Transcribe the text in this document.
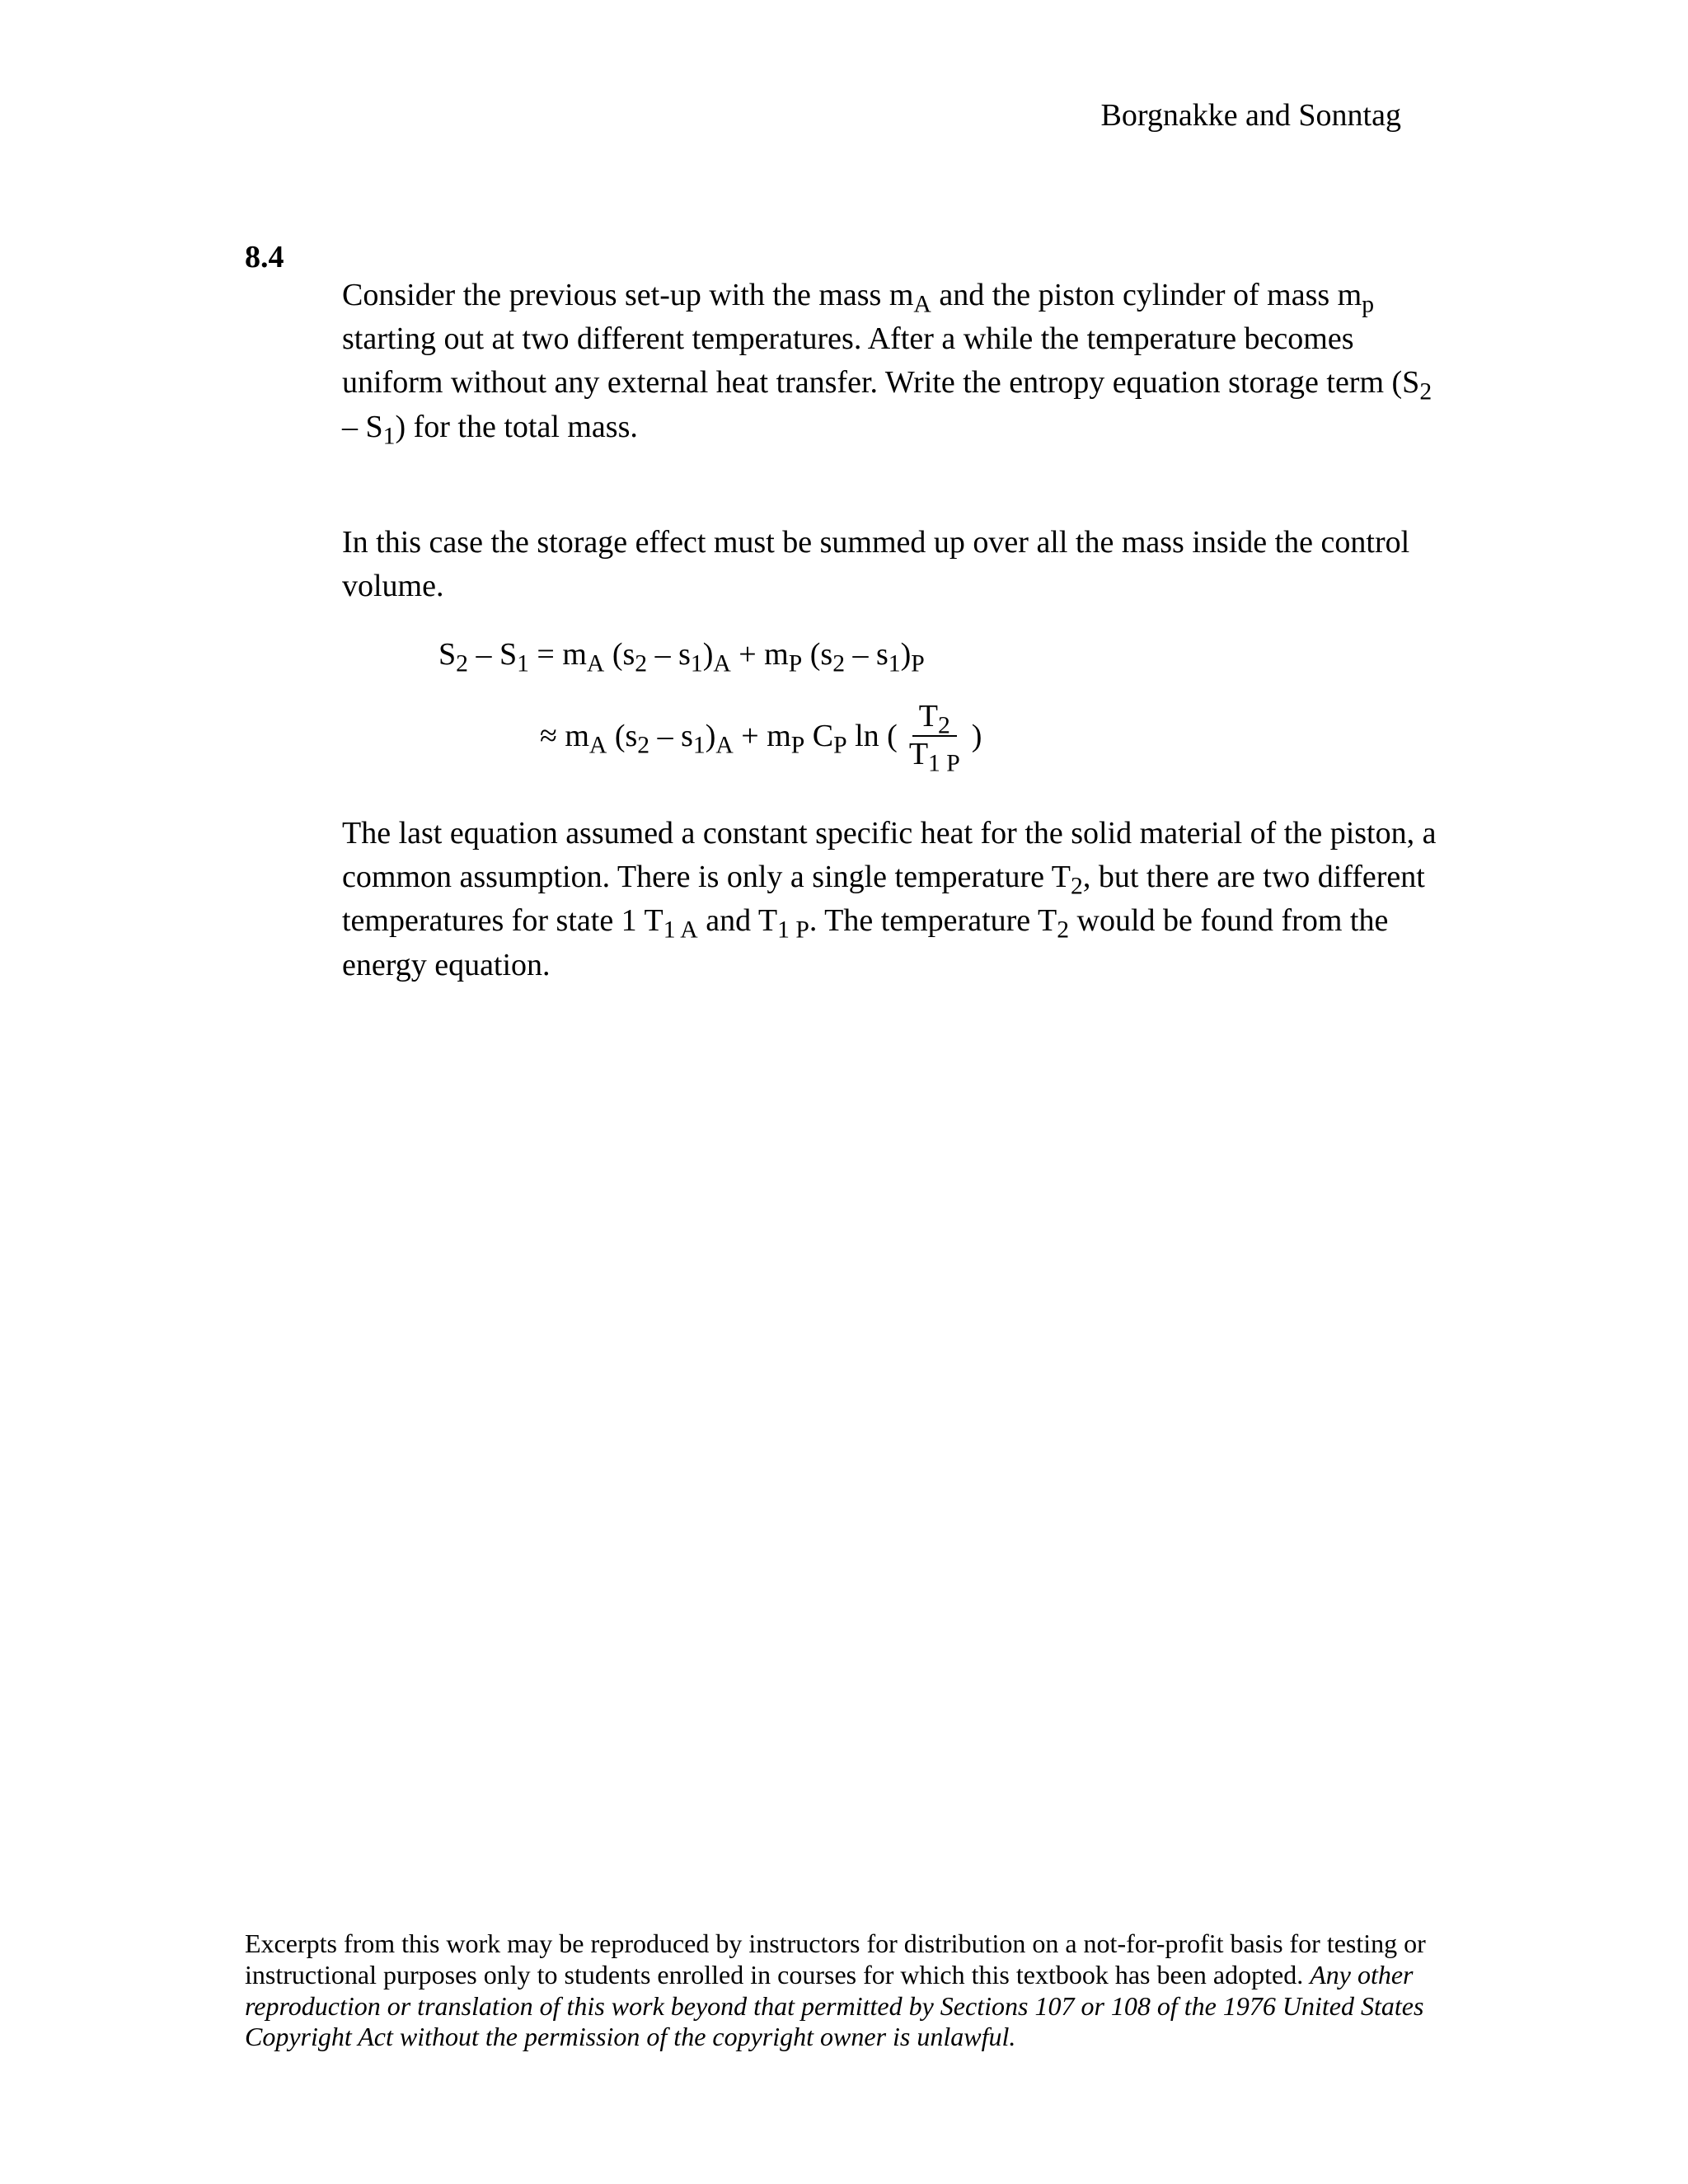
Borgnakke and Sonntag
8.4
Consider the previous set-up with the mass $m_A$ and the piston cylinder of mass $m_p$ starting out at two different temperatures. After a while the temperature becomes uniform without any external heat transfer. Write the entropy equation storage term $(S_2 - S_1)$ for the total mass.
In this case the storage effect must be summed up over all the mass inside the control volume.
$S_2 - S_1 = m_A$ $(s_2 - s_1)_A + m_P$ $(s_2 - s_1)_P$
≈ $m_A$ $(s_2 - s_1)_A + m_P$ $C_P$ ln ( $\frac{T_2}{T_{1 P}}$ )
The last equation assumed a constant specific heat for the solid material of the piston, a common assumption. There is only a single temperature $T_2$, but there are two different temperatures for state 1 $T_{1 A}$ and $T_{1 P}$. The temperature $T_2$ would be found from the energy equation.
Excerpts from this work may be reproduced by instructors for distribution on a not-for-profit basis for testing or instructional purposes only to students enrolled in courses for which this textbook has been adopted. Any other reproduction or translation of this work beyond that permitted by Sections 107 or 108 of the 1976 United States Copyright Act without the permission of the copyright owner is unlawful.
